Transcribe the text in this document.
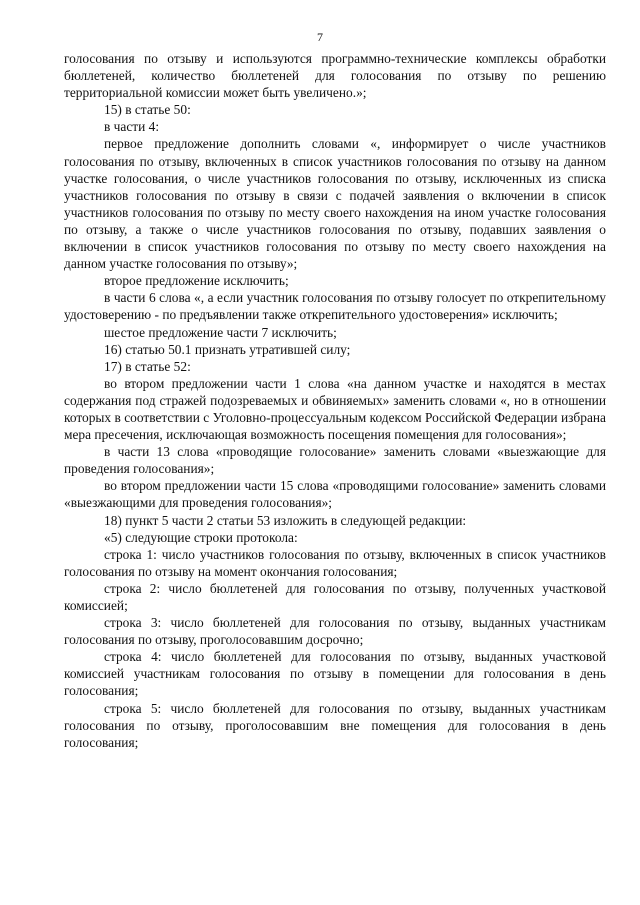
7

голосования по отзыву и используются программно-технические комплексы обработки бюллетеней, количество бюллетеней для голосования по отзыву по решению территориальной комиссии может быть увеличено.»;

15) в статье 50:

в части 4:

первое предложение дополнить словами «, информирует о числе участников голосования по отзыву, включенных в список участников голосования по отзыву на данном участке голосования, о числе участников голосования по отзыву, исключенных из списка участников голосования по отзыву в связи с подачей заявления о включении в список участников голосования по отзыву по месту своего нахождения на ином участке голосования по отзыву, а также о числе участников голосования по отзыву, подавших заявления о включении в список участников голосования по отзыву по месту своего нахождения на данном участке голосования по отзыву»;

второе предложение исключить;

в части 6 слова «, а если участник голосования по отзыву голосует по открепительному удостоверению - по предъявлении также открепительного удостоверения» исключить;

шестое предложение части 7 исключить;

16) статью 50.1 признать утратившей силу;

17) в статье 52:

во втором предложении части 1 слова «на данном участке и находятся в местах содержания под стражей подозреваемых и обвиняемых» заменить словами «, но в отношении которых в соответствии с Уголовно-процессуальным кодексом Российской Федерации избрана мера пресечения, исключающая возможность посещения помещения для голосования»;

в части 13 слова «проводящие голосование» заменить словами «выезжающие для проведения голосования»;

во втором предложении части 15 слова «проводящими голосование» заменить словами «выезжающими для проведения голосования»;

18) пункт 5 части 2 статьи 53 изложить в следующей редакции:

«5) следующие строки протокола:

строка 1: число участников голосования по отзыву, включенных в список участников голосования по отзыву на момент окончания голосования;

строка 2: число бюллетеней для голосования по отзыву, полученных участковой комиссией;

строка 3: число бюллетеней для голосования по отзыву, выданных участникам голосования по отзыву, проголосовавшим досрочно;

строка 4: число бюллетеней для голосования по отзыву, выданных участковой комиссией участникам голосования по отзыву в помещении для голосования в день голосования;

строка 5: число бюллетеней для голосования по отзыву, выданных участникам голосования по отзыву, проголосовавшим вне помещения для голосования в день голосования;
